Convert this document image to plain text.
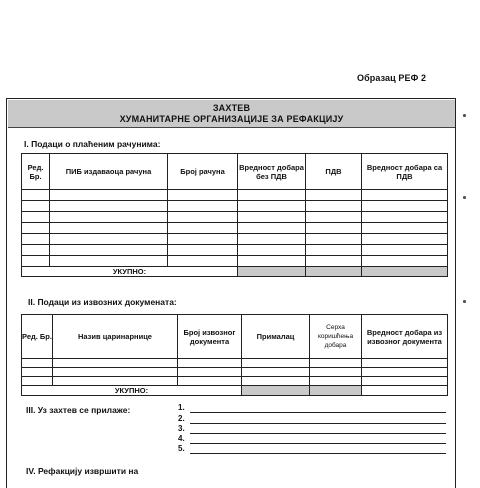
Образац РЕФ 2
ЗАХТЕВ
ХУМАНИТАРНЕ ОРГАНИЗАЦИЈЕ ЗА РЕФАКЦИЈУ
I. Подаци о плаћеним рачунима:
Ред. Бр.	ПИБ издаваоца рачуна	Број рачуна	Вредност добара без ПДВ	ПДВ	Вредност добара са ПДВ

УКУПНО:					
II. Подаци из извозних докумената:
Ред. Бр.	Назив царинарнице	Број извозног документа	Прималац	Серха коришћења добара	Вредност добара из извозног документа

УКУПНО:					
III. Уз захтев се прилаже:	1.
2.
3.
4.
5.
IV. Рефакцију извршити на
